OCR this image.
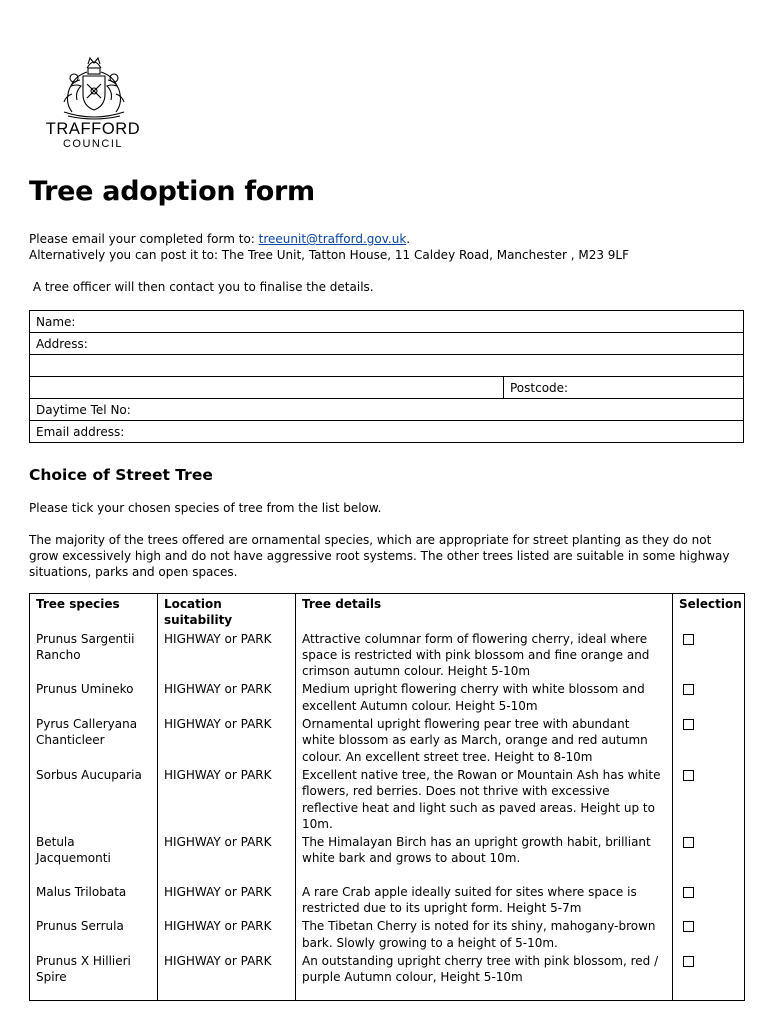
TRAFFORD
COUNCIL
Tree adoption form

Please email your completed form to: treeunit@trafford.gov.uk.

Alternatively you can post it to: The Tree Unit, Tatton House, 11 Caldey Road, Manchester , M23 9LF

A tree officer will then contact you to finalise the details.

Name:
Address:

	Postcode:
Daytime Tel No:
Email address:
Choice of Street Tree

Please tick your chosen species of tree from the list below.

The majority of the trees offered are ornamental species, which are appropriate for street planting as they do not grow excessively high and do not have aggressive root systems. The other trees listed are suitable in some highway situations, parks and open spaces.

Tree species	Location suitability	Tree details	Selection
Prunus Sargentii Rancho	HIGHWAY or PARK	Attractive columnar form of flowering cherry, ideal where space is restricted with pink blossom and fine orange and crimson autumn colour. Height 5-10m	
Prunus Umineko	HIGHWAY or PARK	Medium upright flowering cherry with white blossom and excellent Autumn colour. Height 5-10m	
Pyrus Calleryana Chanticleer	HIGHWAY or PARK	Ornamental upright flowering pear tree with abundant white blossom as early as March, orange and red autumn colour. An excellent street tree. Height to 8-10m	
Sorbus Aucuparia	HIGHWAY or PARK	Excellent native tree, the Rowan or Mountain Ash has white flowers, red berries. Does not thrive with excessive reflective heat and light such as paved areas. Height up to 10m.	
Betula Jacquemonti	HIGHWAY or PARK	The Himalayan Birch has an upright growth habit, brilliant white bark and grows to about 10m.	
Malus Trilobata	HIGHWAY or PARK	A rare Crab apple ideally suited for sites where space is restricted due to its upright form. Height 5-7m	
Prunus Serrula	HIGHWAY or PARK	The Tibetan Cherry is noted for its shiny, mahogany-brown bark. Slowly growing to a height of 5-10m.	
Prunus X Hillieri Spire	HIGHWAY or PARK	An outstanding upright cherry tree with pink blossom, red / purple Autumn colour, Height 5-10m	
